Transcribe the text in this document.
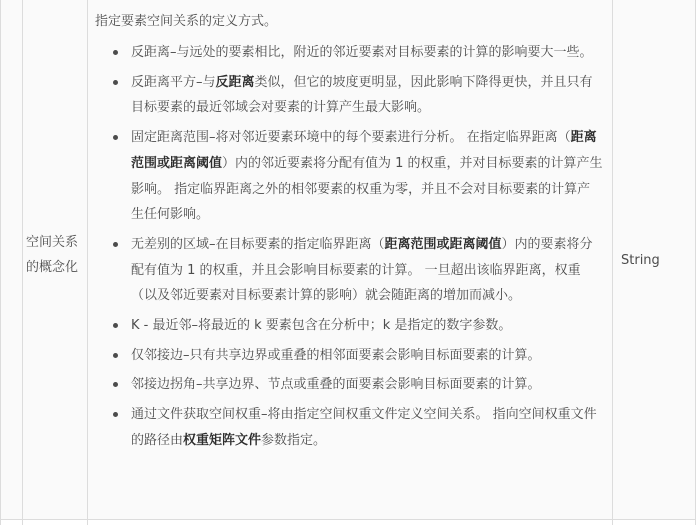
空间关系的概念化

指定要素空间关系的定义方式。

反距离–与远处的要素相比，附近的邻近要素对目标要素的计算的影响要大一些。
反距离平方–与反距离类似，但它的坡度更明显，因此影响下降得更快，并且只有目标要素的最近邻域会对要素的计算产生最大影响。
固定距离范围–将对邻近要素环境中的每个要素进行分析。 在指定临界距离（距离范围或距离阈值）内的邻近要素将分配有值为 1 的权重，并对目标要素的计算产生影响。 指定临界距离之外的相邻要素的权重为零，并且不会对目标要素的计算产生任何影响。
无差别的区域–在目标要素的指定临界距离（距离范围或距离阈值）内的要素将分配有值为 1 的权重，并且会影响目标要素的计算。 一旦超出该临界距离，权重（以及邻近要素对目标要素计算的影响）就会随距离的增加而减小。
K - 最近邻–将最近的 k 要素包含在分析中；k 是指定的数字参数。
仅邻接边–只有共享边界或重叠的相邻面要素会影响目标面要素的计算。
邻接边拐角–共享边界、节点或重叠的面要素会影响目标面要素的计算。
通过文件获取空间权重–将由指定空间权重文件定义空间关系。 指向空间权重文件的路径由权重矩阵文件参数指定。
String
